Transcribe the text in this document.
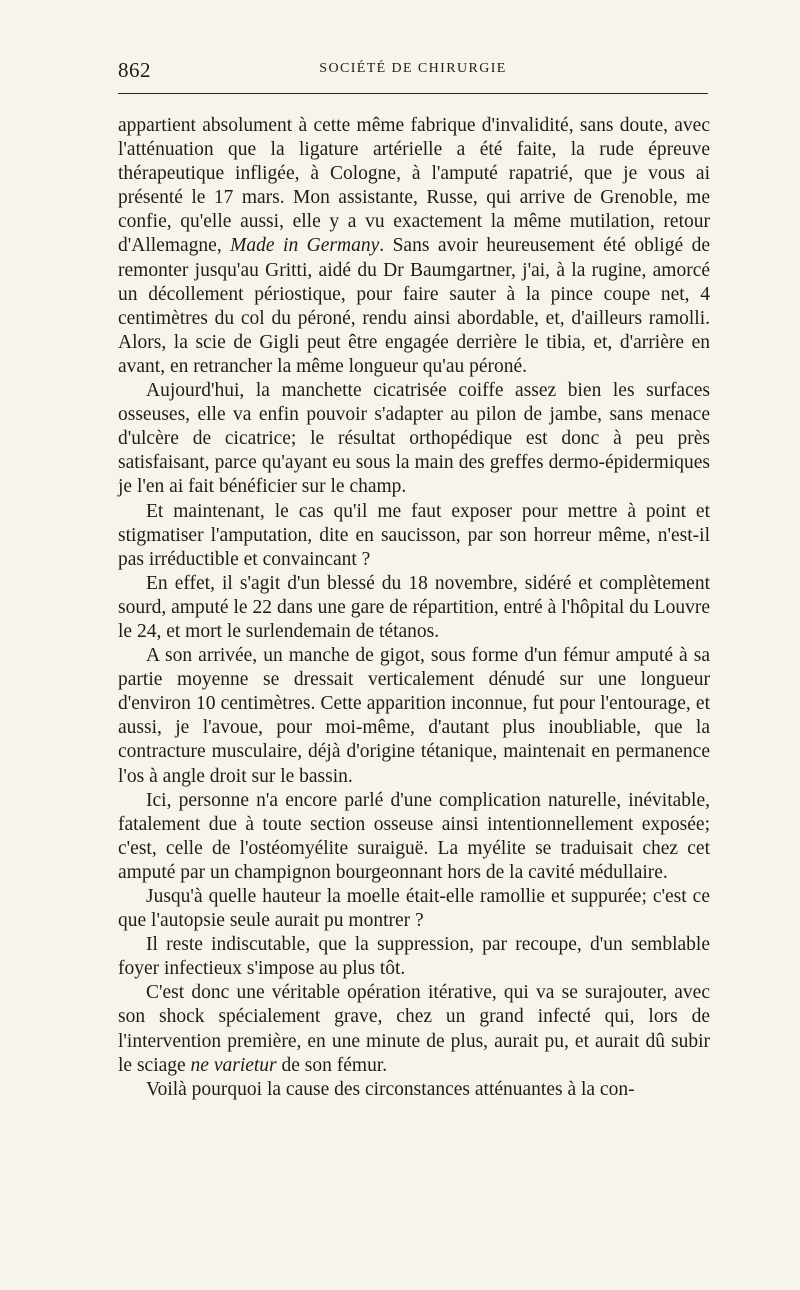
862	SOCIÉTÉ DE CHIRURGIE

appartient absolument à cette même fabrique d'invalidité, sans doute, avec l'atténuation que la ligature artérielle a été faite, la rude épreuve thérapeutique infligée, à Cologne, à l'amputé rapatrié, que je vous ai présenté le 17 mars. Mon assistante, Russe, qui arrive de Grenoble, me confie, qu'elle aussi, elle y a vu exactement la même mutilation, retour d'Allemagne, Made in Germany. Sans avoir heureusement été obligé de remonter jusqu'au Gritti, aidé du Dr Baumgartner, j'ai, à la rugine, amorcé un décollement périostique, pour faire sauter à la pince coupe net, 4 centimètres du col du péroné, rendu ainsi abordable, et, d'ailleurs ramolli. Alors, la scie de Gigli peut être engagée derrière le tibia, et, d'arrière en avant, en retrancher la même longueur qu'au péroné.

Aujourd'hui, la manchette cicatrisée coiffe assez bien les surfaces osseuses, elle va enfin pouvoir s'adapter au pilon de jambe, sans menace d'ulcère de cicatrice; le résultat orthopédique est donc à peu près satisfaisant, parce qu'ayant eu sous la main des greffes dermo-épidermiques je l'en ai fait bénéficier sur le champ.

Et maintenant, le cas qu'il me faut exposer pour mettre à point et stigmatiser l'amputation, dite en saucisson, par son horreur même, n'est-il pas irréductible et convaincant ?

En effet, il s'agit d'un blessé du 18 novembre, sidéré et complètement sourd, amputé le 22 dans une gare de répartition, entré à l'hôpital du Louvre le 24, et mort le surlendemain de tétanos.

A son arrivée, un manche de gigot, sous forme d'un fémur amputé à sa partie moyenne se dressait verticalement dénudé sur une longueur d'environ 10 centimètres. Cette apparition inconnue, fut pour l'entourage, et aussi, je l'avoue, pour moi-même, d'autant plus inoubliable, que la contracture musculaire, déjà d'origine tétanique, maintenait en permanence l'os à angle droit sur le bassin.

Ici, personne n'a encore parlé d'une complication naturelle, inévitable, fatalement due à toute section osseuse ainsi intentionnellement exposée; c'est, celle de l'ostéomyélite suraiguë. La myélite se traduisait chez cet amputé par un champignon bourgeonnant hors de la cavité médullaire.

Jusqu'à quelle hauteur la moelle était-elle ramollie et suppurée; c'est ce que l'autopsie seule aurait pu montrer ?

Il reste indiscutable, que la suppression, par recoupe, d'un semblable foyer infectieux s'impose au plus tôt.

C'est donc une véritable opération itérative, qui va se surajouter, avec son shock spécialement grave, chez un grand infecté qui, lors de l'intervention première, en une minute de plus, aurait pu, et aurait dû subir le sciage ne varietur de son fémur.

Voilà pourquoi la cause des circonstances atténuantes à la con-
